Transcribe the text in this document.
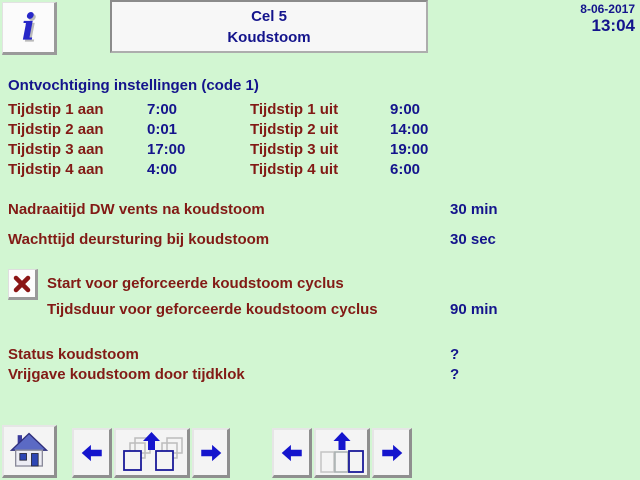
i	Cel 5
Koudstoom
8-06-2017
13:04
Ontvochtiging instellingen (code 1)
Tijdstip 1 aan	7:00	Tijdstip 1 uit	9:00
Tijdstip 2 aan	0:01	Tijdstip 2 uit	14:00
Tijdstip 3 aan	17:00	Tijdstip 3 uit	19:00
Tijdstip 4 aan	4:00	Tijdstip 4 uit	6:00
Nadraaitijd DW vents na koudstoom	30 min
Wachttijd deursturing bij koudstoom	30 sec
Start voor geforceerde koudstoom cyclus
Tijdsduur voor geforceerde koudstoom cyclus	90 min
Status koudstoom	?
Vrijgave koudstoom door tijdklok	?
